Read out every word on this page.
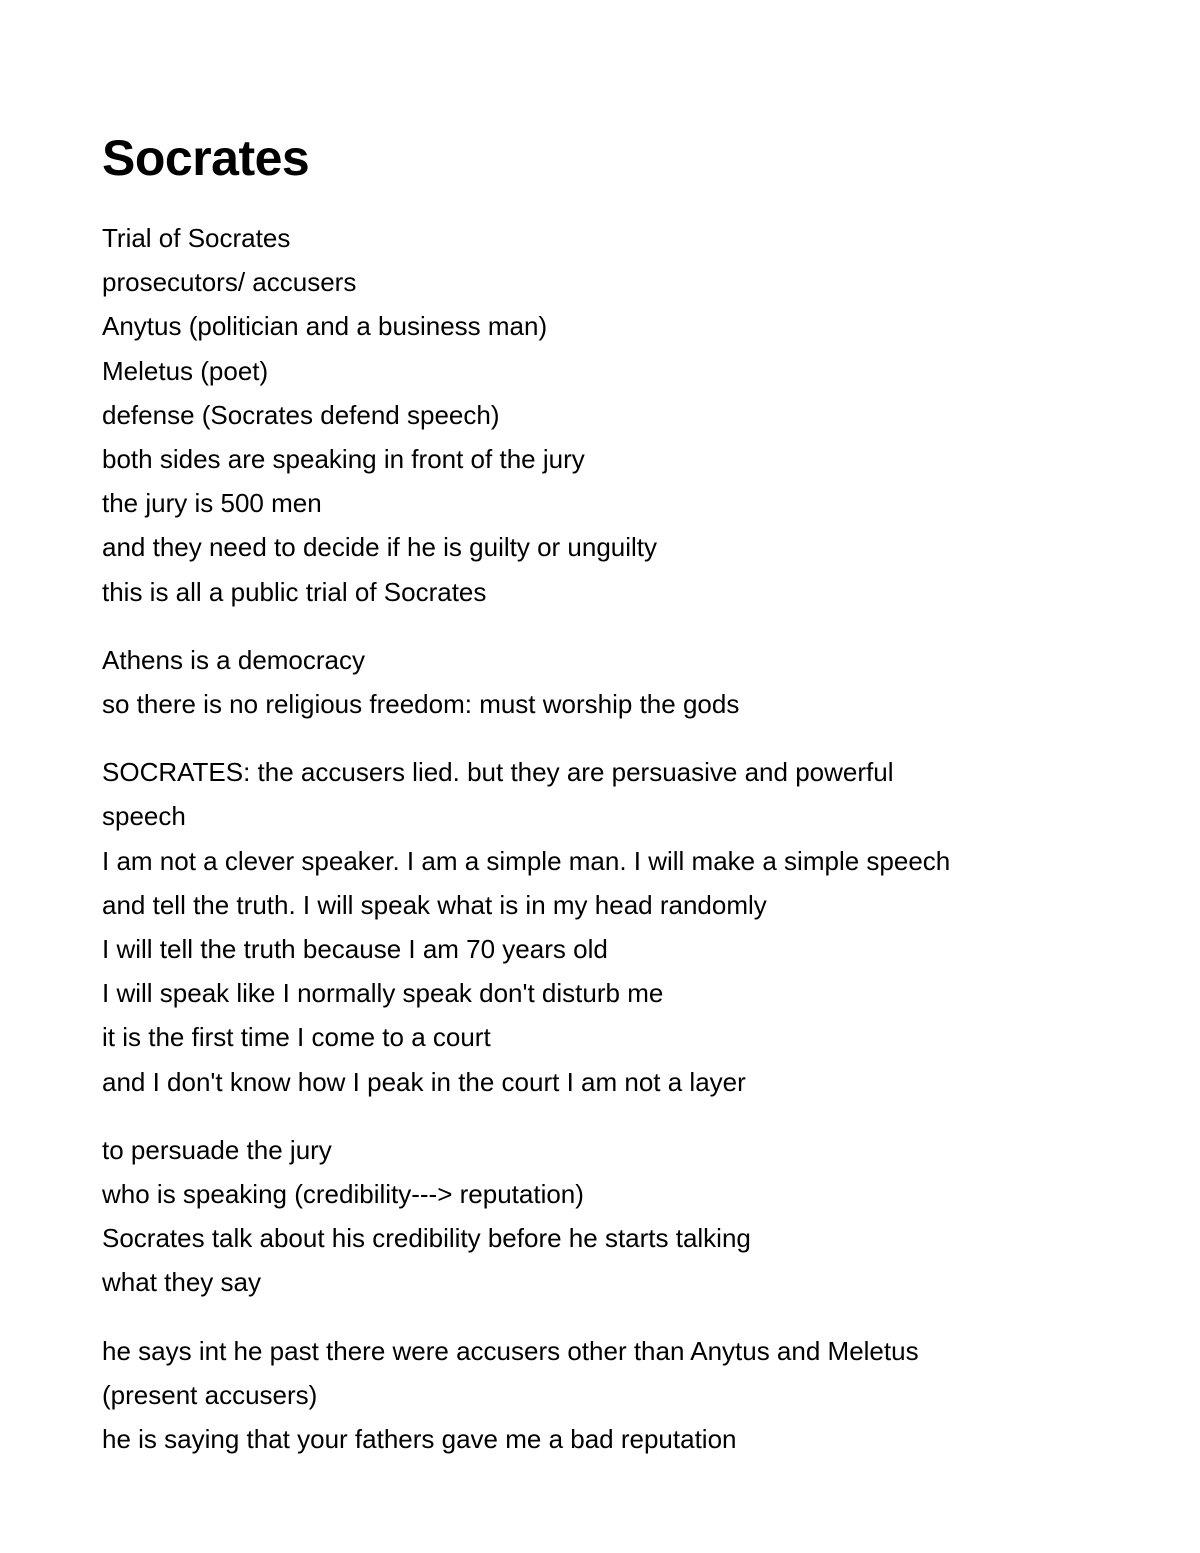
Socrates
Trial of Socrates
prosecutors/ accusers
Anytus (politician and a business man)
Meletus (poet)
defense (Socrates defend speech)
both sides are speaking in front of the jury
the jury is 500 men
and they need to decide if he is guilty or unguilty
this is all a public trial of Socrates
Athens is a democracy
so there is no religious freedom: must worship the gods
SOCRATES: the accusers lied. but they are persuasive and powerful
speech
I am not a clever speaker. I am a simple man. I will make a simple speech
and tell the truth. I will speak what is in my head randomly
I will tell the truth because I am 70 years old
I will speak like I normally speak don't disturb me
it is the first time I come to a court
and I don't know how I peak in the court I am not a layer
to persuade the jury
who is speaking (credibility---> reputation)
Socrates talk about his credibility before he starts talking
what they say
he says int he past there were accusers other than Anytus and Meletus
(present accusers)
he is saying that your fathers gave me a bad reputation
